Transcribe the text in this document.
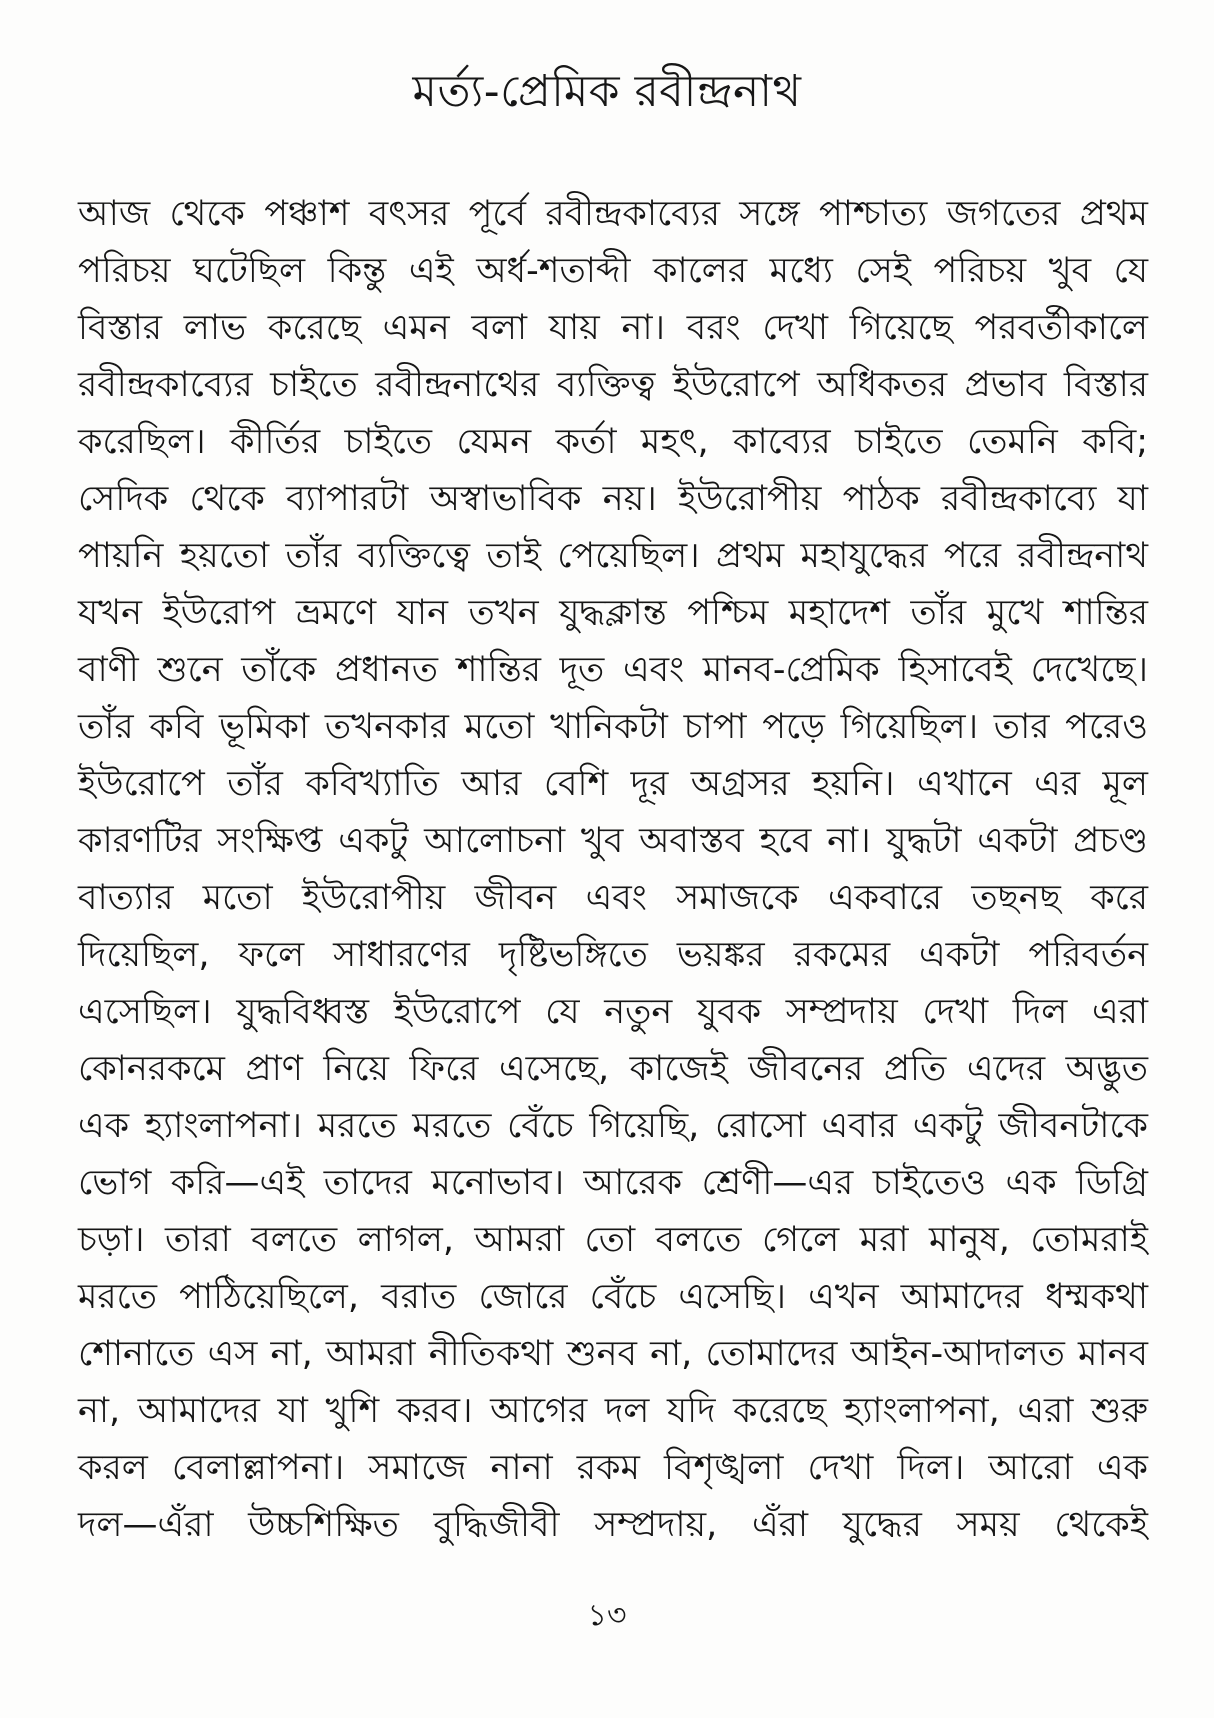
মর্ত্য-প্রেমিক রবীন্দ্রনাথ
আজ থেকে পঞ্চাশ বৎসর পূর্বে রবীন্দ্রকাব্যের সঙ্গে পাশ্চাত্য জগতের প্রথম
পরিচয় ঘটেছিল কিন্তু এই অর্ধ-শতাব্দী কালের মধ্যে সেই পরিচয় খুব যে
বিস্তার লাভ করেছে এমন বলা যায় না। বরং দেখা গিয়েছে পরবর্তীকালে
রবীন্দ্রকাব্যের চাইতে রবীন্দ্রনাথের ব্যক্তিত্ব ইউরোপে অধিকতর প্রভাব বিস্তার
করেছিল। কীর্তির চাইতে যেমন কর্তা মহৎ, কাব্যের চাইতে তেমনি কবি;
সেদিক থেকে ব্যাপারটা অস্বাভাবিক নয়। ইউরোপীয় পাঠক রবীন্দ্রকাব্যে যা
পায়নি হয়তো তাঁর ব্যক্তিত্বে তাই পেয়েছিল। প্রথম মহাযুদ্ধের পরে রবীন্দ্রনাথ
যখন ইউরোপ ভ্রমণে যান তখন যুদ্ধক্লান্ত পশ্চিম মহাদেশ তাঁর মুখে শান্তির
বাণী শুনে তাঁকে প্রধানত শান্তির দূত এবং মানব-প্রেমিক হিসাবেই দেখেছে।
তাঁর কবি ভূমিকা তখনকার মতো খানিকটা চাপা পড়ে গিয়েছিল। তার পরেও
ইউরোপে তাঁর কবিখ্যাতি আর বেশি দূর অগ্রসর হয়নি। এখানে এর মূল
কারণটির সংক্ষিপ্ত একটু আলোচনা খুব অবাস্তব হবে না। যুদ্ধটা একটা প্রচণ্ড
বাত্যার মতো ইউরোপীয় জীবন এবং সমাজকে একবারে তছনছ করে
দিয়েছিল, ফলে সাধারণের দৃষ্টিভঙ্গিতে ভয়ঙ্কর রকমের একটা পরিবর্তন
এসেছিল। যুদ্ধবিধ্বস্ত ইউরোপে যে নতুন যুবক সম্প্রদায় দেখা দিল এরা
কোনরকমে প্রাণ নিয়ে ফিরে এসেছে, কাজেই জীবনের প্রতি এদের অদ্ভুত
এক হ্যাংলাপনা। মরতে মরতে বেঁচে গিয়েছি, রোসো এবার একটু জীবনটাকে
ভোগ করি—এই তাদের মনোভাব। আরেক শ্রেণী—এর চাইতেও এক ডিগ্রি
চড়া। তারা বলতে লাগল, আমরা তো বলতে গেলে মরা মানুষ, তোমরাই
মরতে পাঠিয়েছিলে, বরাত জোরে বেঁচে এসেছি। এখন আমাদের ধম্মকথা
শোনাতে এস না, আমরা নীতিকথা শুনব না, তোমাদের আইন-আদালত মানব
না, আমাদের যা খুশি করব। আগের দল যদি করেছে হ্যাংলাপনা, এরা শুরু
করল বেলাল্লাপনা। সমাজে নানা রকম বিশৃঙ্খলা দেখা দিল। আরো এক
দল—এঁরা উচ্চশিক্ষিত বুদ্ধিজীবী সম্প্রদায়, এঁরা যুদ্ধের সময় থেকেই
১৩
